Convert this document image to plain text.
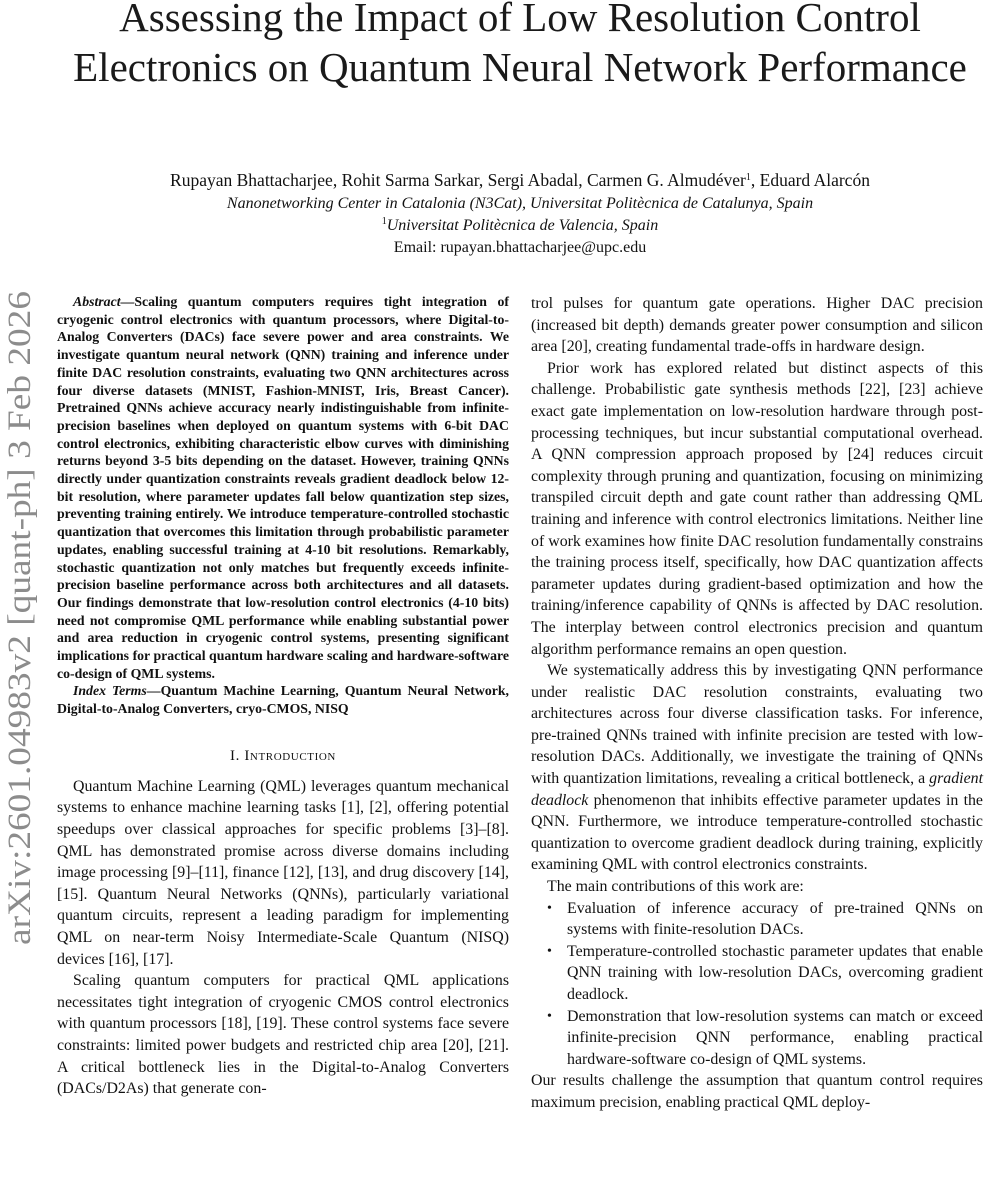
arXiv:2601.04983v2 [quant-ph] 3 Feb 2026
Assessing the Impact of Low Resolution Control Electronics on Quantum Neural Network Performance
Rupayan Bhattacharjee, Rohit Sarma Sarkar, Sergi Abadal, Carmen G. Almudéver$^1$, Eduard Alarcón
Nanonetworking Center in Catalonia (N3Cat), Universitat Politècnica de Catalunya, Spain
$^1$Universitat Politècnica de Valencia, Spain
Email: rupayan.bhattacharjee@upc.edu

Abstract—Scaling quantum computers requires tight integration of cryogenic control electronics with quantum processors, where Digital-to-Analog Converters (DACs) face severe power and area constraints. We investigate quantum neural network (QNN) training and inference under finite DAC resolution constraints, evaluating two QNN architectures across four diverse datasets (MNIST, Fashion-MNIST, Iris, Breast Cancer). Pretrained QNNs achieve accuracy nearly indistinguishable from infinite-precision baselines when deployed on quantum systems with 6-bit DAC control electronics, exhibiting characteristic elbow curves with diminishing returns beyond 3-5 bits depending on the dataset. However, training QNNs directly under quantization constraints reveals gradient deadlock below 12-bit resolution, where parameter updates fall below quantization step sizes, preventing training entirely. We introduce temperature-controlled stochastic quantization that overcomes this limitation through probabilistic parameter updates, enabling successful training at 4-10 bit resolutions. Remarkably, stochastic quantization not only matches but frequently exceeds infinite-precision baseline performance across both architectures and all datasets. Our findings demonstrate that low-resolution control electronics (4-10 bits) need not compromise QML performance while enabling substantial power and area reduction in cryogenic control systems, presenting significant implications for practical quantum hardware scaling and hardware-software co-design of QML systems.

Index Terms—Quantum Machine Learning, Quantum Neural Network, Digital-to-Analog Converters, cryo-CMOS, NISQ

I. Introduction

Quantum Machine Learning (QML) leverages quantum mechanical systems to enhance machine learning tasks [1], [2], offering potential speedups over classical approaches for specific problems [3]–[8]. QML has demonstrated promise across diverse domains including image processing [9]–[11], finance [12], [13], and drug discovery [14], [15]. Quantum Neural Networks (QNNs), particularly variational quantum circuits, represent a leading paradigm for implementing QML on near-term Noisy Intermediate-Scale Quantum (NISQ) devices [16], [17].

Scaling quantum computers for practical QML applications necessitates tight integration of cryogenic CMOS control electronics with quantum processors [18], [19]. These control systems face severe constraints: limited power budgets and restricted chip area [20], [21]. A critical bottleneck lies in the Digital-to-Analog Converters (DACs/D2As) that generate con-

trol pulses for quantum gate operations. Higher DAC precision (increased bit depth) demands greater power consumption and silicon area [20], creating fundamental trade-offs in hardware design.

Prior work has explored related but distinct aspects of this challenge. Probabilistic gate synthesis methods [22], [23] achieve exact gate implementation on low-resolution hardware through post-processing techniques, but incur substantial computational overhead. A QNN compression approach proposed by [24] reduces circuit complexity through pruning and quantization, focusing on minimizing transpiled circuit depth and gate count rather than addressing QML training and inference with control electronics limitations. Neither line of work examines how finite DAC resolution fundamentally constrains the training process itself, specifically, how DAC quantization affects parameter updates during gradient-based optimization and how the training/inference capability of QNNs is affected by DAC resolution. The interplay between control electronics precision and quantum algorithm performance remains an open question.

We systematically address this by investigating QNN performance under realistic DAC resolution constraints, evaluating two architectures across four diverse classification tasks. For inference, pre-trained QNNs trained with infinite precision are tested with low-resolution DACs. Additionally, we investigate the training of QNNs with quantization limitations, revealing a critical bottleneck, a gradient deadlock phenomenon that inhibits effective parameter updates in the QNN. Furthermore, we introduce temperature-controlled stochastic quantization to overcome gradient deadlock during training, explicitly examining QML with control electronics constraints.

The main contributions of this work are:

• Evaluation of inference accuracy of pre-trained QNNs on systems with finite-resolution DACs.
• Temperature-controlled stochastic parameter updates that enable QNN training with low-resolution DACs, overcoming gradient deadlock.
• Demonstration that low-resolution systems can match or exceed infinite-precision QNN performance, enabling practical hardware-software co-design of QML systems.

Our results challenge the assumption that quantum control requires maximum precision, enabling practical QML deploy-
